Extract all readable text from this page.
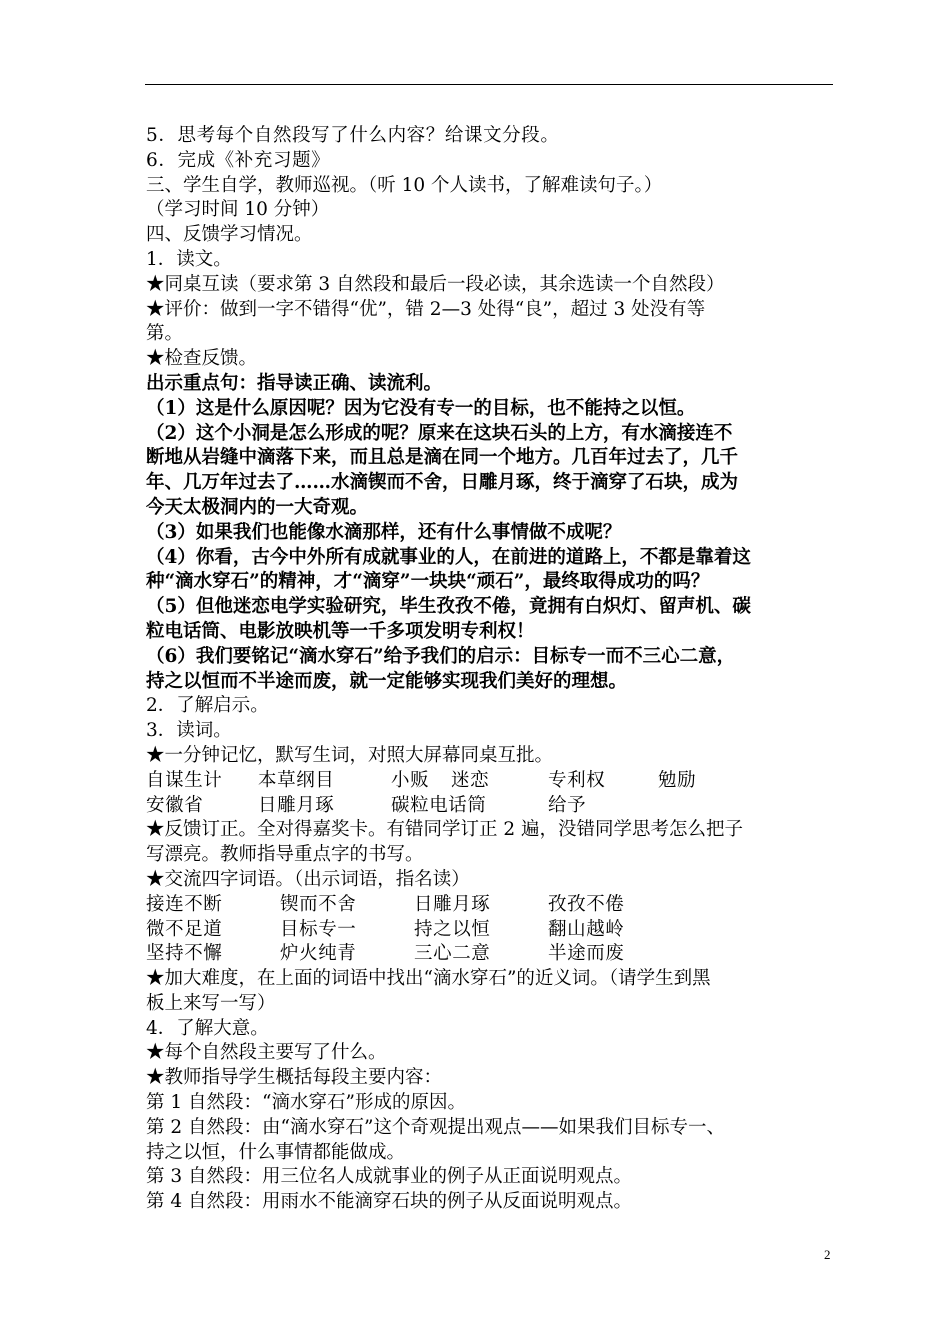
5．思考每个自然段写了什么内容？给课文分段。

6．完成《补充习题》

三、学生自学，教师巡视。（听 10 个人读书，了解难读句子。）

（学习时间 10 分钟）

四、反馈学习情况。

1．读文。

★同桌互读（要求第 3 自然段和最后一段必读，其余选读一个自然段）

★评价：做到一字不错得“优”，错 2—3 处得“良”，超过 3 处没有等

第。

★检查反馈。

出示重点句：指导读正确、读流利。

（1）这是什么原因呢？因为它没有专一的目标，也不能持之以恒。

（2）这个小洞是怎么形成的呢？原来在这块石头的上方，有水滴接连不

断地从岩缝中滴落下来，而且总是滴在同一个地方。几百年过去了，几千

年、几万年过去了……水滴锲而不舍，日雕月琢，终于滴穿了石块，成为

今天太极洞内的一大奇观。

（3）如果我们也能像水滴那样，还有什么事情做不成呢？

（4）你看，古今中外所有成就事业的人，在前进的道路上，不都是靠着这

种“滴水穿石”的精神，才“滴穿”一块块“顽石”，最终取得成功的吗？

（5）但他迷恋电学实验研究，毕生孜孜不倦，竟拥有白炽灯、留声机、碳

粒电话筒、电影放映机等一千多项发明专利权！

（6）我们要铭记“滴水穿石”给予我们的启示：目标专一而不三心二意，

持之以恒而不半途而废，就一定能够实现我们美好的理想。

2．了解启示。

3．读词。

★一分钟记忆，默写生词，对照大屏幕同桌互批。

自谋生计	本草纲目	小贩	迷恋	专利权	勉励

安徽省	日雕月琢	碳粒电话筒	给予

★反馈订正。全对得嘉奖卡。有错同学订正 2 遍，没错同学思考怎么把子

写漂亮。教师指导重点字的书写。

★交流四字词语。（出示词语，指名读）

接连不断	锲而不舍	日雕月琢	孜孜不倦

微不足道	目标专一	持之以恒	翻山越岭

坚持不懈	炉火纯青	三心二意	半途而废

★加大难度，在上面的词语中找出“滴水穿石”的近义词。（请学生到黑

板上来写一写）

4．了解大意。

★每个自然段主要写了什么。

★教师指导学生概括每段主要内容：

第 1 自然段：“滴水穿石”形成的原因。

第 2 自然段：由“滴水穿石”这个奇观提出观点——如果我们目标专一、

持之以恒，什么事情都能做成。

第 3 自然段：用三位名人成就事业的例子从正面说明观点。

第 4 自然段：用雨水不能滴穿石块的例子从反面说明观点。

2
